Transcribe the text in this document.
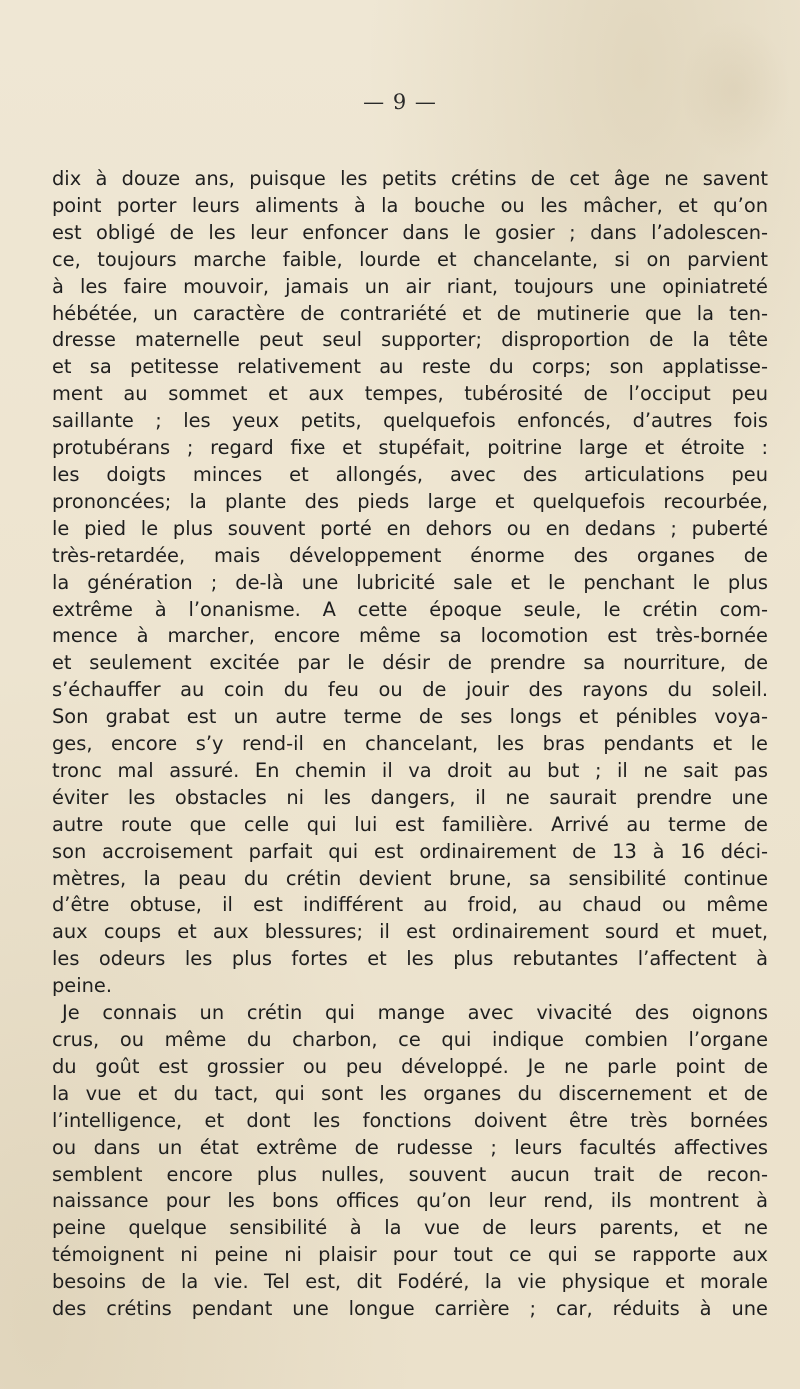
— 9 —
dix à douze ans, puisque les petits crétins de cet âge ne savent
point porter leurs aliments à la bouche ou les mâcher, et qu’on
est obligé de les leur enfoncer dans le gosier ; dans l’adolescen-
ce, toujours marche faible, lourde et chancelante, si on parvient
à les faire mouvoir, jamais un air riant, toujours une opiniatreté
hébétée, un caractère de contrariété et de mutinerie que la ten-
dresse maternelle peut seul supporter; disproportion de la tête
et sa petitesse relativement au reste du corps; son applatisse-
ment au sommet et aux tempes, tubérosité de l’occiput peu
saillante ; les yeux petits, quelquefois enfoncés, d’autres fois
protubérans ; regard fixe et stupéfait, poitrine large et étroite :
les doigts minces et allongés, avec des articulations peu
prononcées; la plante des pieds large et quelquefois recourbée,
le pied le plus souvent porté en dehors ou en dedans ; puberté
très-retardée, mais développement énorme des organes de
la génération ; de-là une lubricité sale et le penchant le plus
extrême à l’onanisme. A cette époque seule, le crétin com-
mence à marcher, encore même sa locomotion est très-bornée
et seulement excitée par le désir de prendre sa nourriture, de
s’échauffer au coin du feu ou de jouir des rayons du soleil.
Son grabat est un autre terme de ses longs et pénibles voya-
ges, encore s’y rend-il en chancelant, les bras pendants et le
tronc mal assuré. En chemin il va droit au but ; il ne sait pas
éviter les obstacles ni les dangers, il ne saurait prendre une
autre route que celle qui lui est familière. Arrivé au terme de
son accroisement parfait qui est ordinairement de 13 à 16 déci-
mètres, la peau du crétin devient brune, sa sensibilité continue
d’être obtuse, il est indifférent au froid, au chaud ou même
aux coups et aux blessures; il est ordinairement sourd et muet,
les odeurs les plus fortes et les plus rebutantes l’affectent à
peine.
Je connais un crétin qui mange avec vivacité des oignons
crus, ou même du charbon, ce qui indique combien l’organe
du goût est grossier ou peu développé. Je ne parle point de
la vue et du tact, qui sont les organes du discernement et de
l’intelligence, et dont les fonctions doivent être très bornées
ou dans un état extrême de rudesse ; leurs facultés affectives
semblent encore plus nulles, souvent aucun trait de recon-
naissance pour les bons offices qu’on leur rend, ils montrent à
peine quelque sensibilité à la vue de leurs parents, et ne
témoignent ni peine ni plaisir pour tout ce qui se rapporte aux
besoins de la vie. Tel est, dit Fodéré, la vie physique et morale
des crétins pendant une longue carrière ; car, réduits à une
